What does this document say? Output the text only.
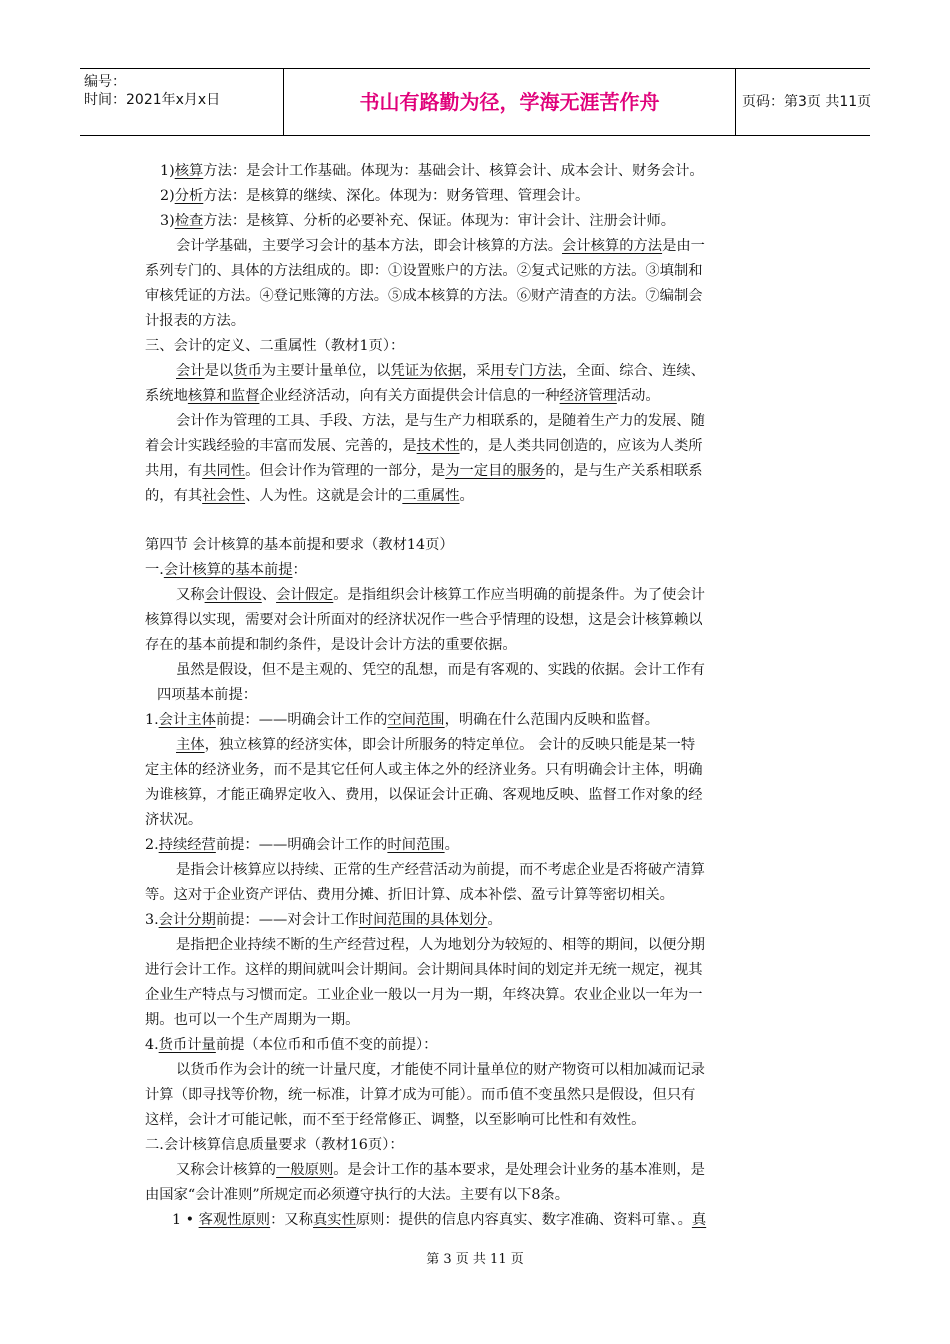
编号：
时间：2021年x月x日	书山有路勤为径，学海无涯苦作舟	页码：第3页 共11页
1)核算方法：是会计工作基础。体现为：基础会计、核算会计、成本会计、财务会计。
2)分析方法：是核算的继续、深化。体现为：财务管理、管理会计。
3)检查方法：是核算、分析的必要补充、保证。体现为：审计会计、注册会计师。
会计学基础，主要学习会计的基本方法，即会计核算的方法。会计核算的方法是由一
系列专门的、具体的方法组成的。即：①设置账户的方法。②复式记账的方法。③填制和
审核凭证的方法。④登记账簿的方法。⑤成本核算的方法。⑥财产清查的方法。⑦编制会
计报表的方法。
三、会计的定义、二重属性（教材1页）：
会计是以货币为主要计量单位，以凭证为依据，采用专门方法，全面、综合、连续、
系统地核算和监督企业经济活动，向有关方面提供会计信息的一种经济管理活动。
会计作为管理的工具、手段、方法，是与生产力相联系的，是随着生产力的发展、随
着会计实践经验的丰富而发展、完善的，是技术性的，是人类共同创造的，应该为人类所
共用，有共同性。但会计作为管理的一部分，是为一定目的服务的，是与生产关系相联系
的，有其社会性、人为性。这就是会计的二重属性。
第四节 会计核算的基本前提和要求（教材14页）
一.会计核算的基本前提：
又称会计假设、会计假定。是指组织会计核算工作应当明确的前提条件。为了使会计
核算得以实现，需要对会计所面对的经济状况作一些合乎情理的设想，这是会计核算赖以
存在的基本前提和制约条件，是设计会计方法的重要依据。
虽然是假设，但不是主观的、凭空的乱想，而是有客观的、实践的依据。会计工作有
四项基本前提：
1.会计主体前提：——明确会计工作的空间范围，明确在什么范围内反映和监督。
主体，独立核算的经济实体，即会计所服务的特定单位。 会计的反映只能是某一特
定主体的经济业务，而不是其它任何人或主体之外的经济业务。只有明确会计主体，明确
为谁核算，才能正确界定收入、费用，以保证会计正确、客观地反映、监督工作对象的经
济状况。
2.持续经营前提：——明确会计工作的时间范围。
是指会计核算应以持续、正常的生产经营活动为前提，而不考虑企业是否将破产清算
等。这对于企业资产评估、费用分摊、折旧计算、成本补偿、盈亏计算等密切相关。
3.会计分期前提：——对会计工作时间范围的具体划分。
是指把企业持续不断的生产经营过程，人为地划分为较短的、相等的期间，以便分期
进行会计工作。这样的期间就叫会计期间。会计期间具体时间的划定并无统一规定，视其
企业生产特点与习惯而定。工业企业一般以一月为一期，年终决算。农业企业以一年为一
期。也可以一个生产周期为一期。
4.货币计量前提（本位币和币值不变的前提）：
以货币作为会计的统一计量尺度，才能使不同计量单位的财产物资可以相加减而记录
计算（即寻找等价物，统一标准，计算才成为可能）。而币值不变虽然只是假设，但只有
这样，会计才可能记帐，而不至于经常修正、调整，以至影响可比性和有效性。
二.会计核算信息质量要求（教材16页）：
又称会计核算的一般原则。是会计工作的基本要求，是处理会计业务的基本准则，是
由国家“会计准则”所规定而必须遵守执行的大法。主要有以下8条。
1 • 客观性原则：又称真实性原则：提供的信息内容真实、数字准确、资料可靠、。真
第 3 页 共 11 页
